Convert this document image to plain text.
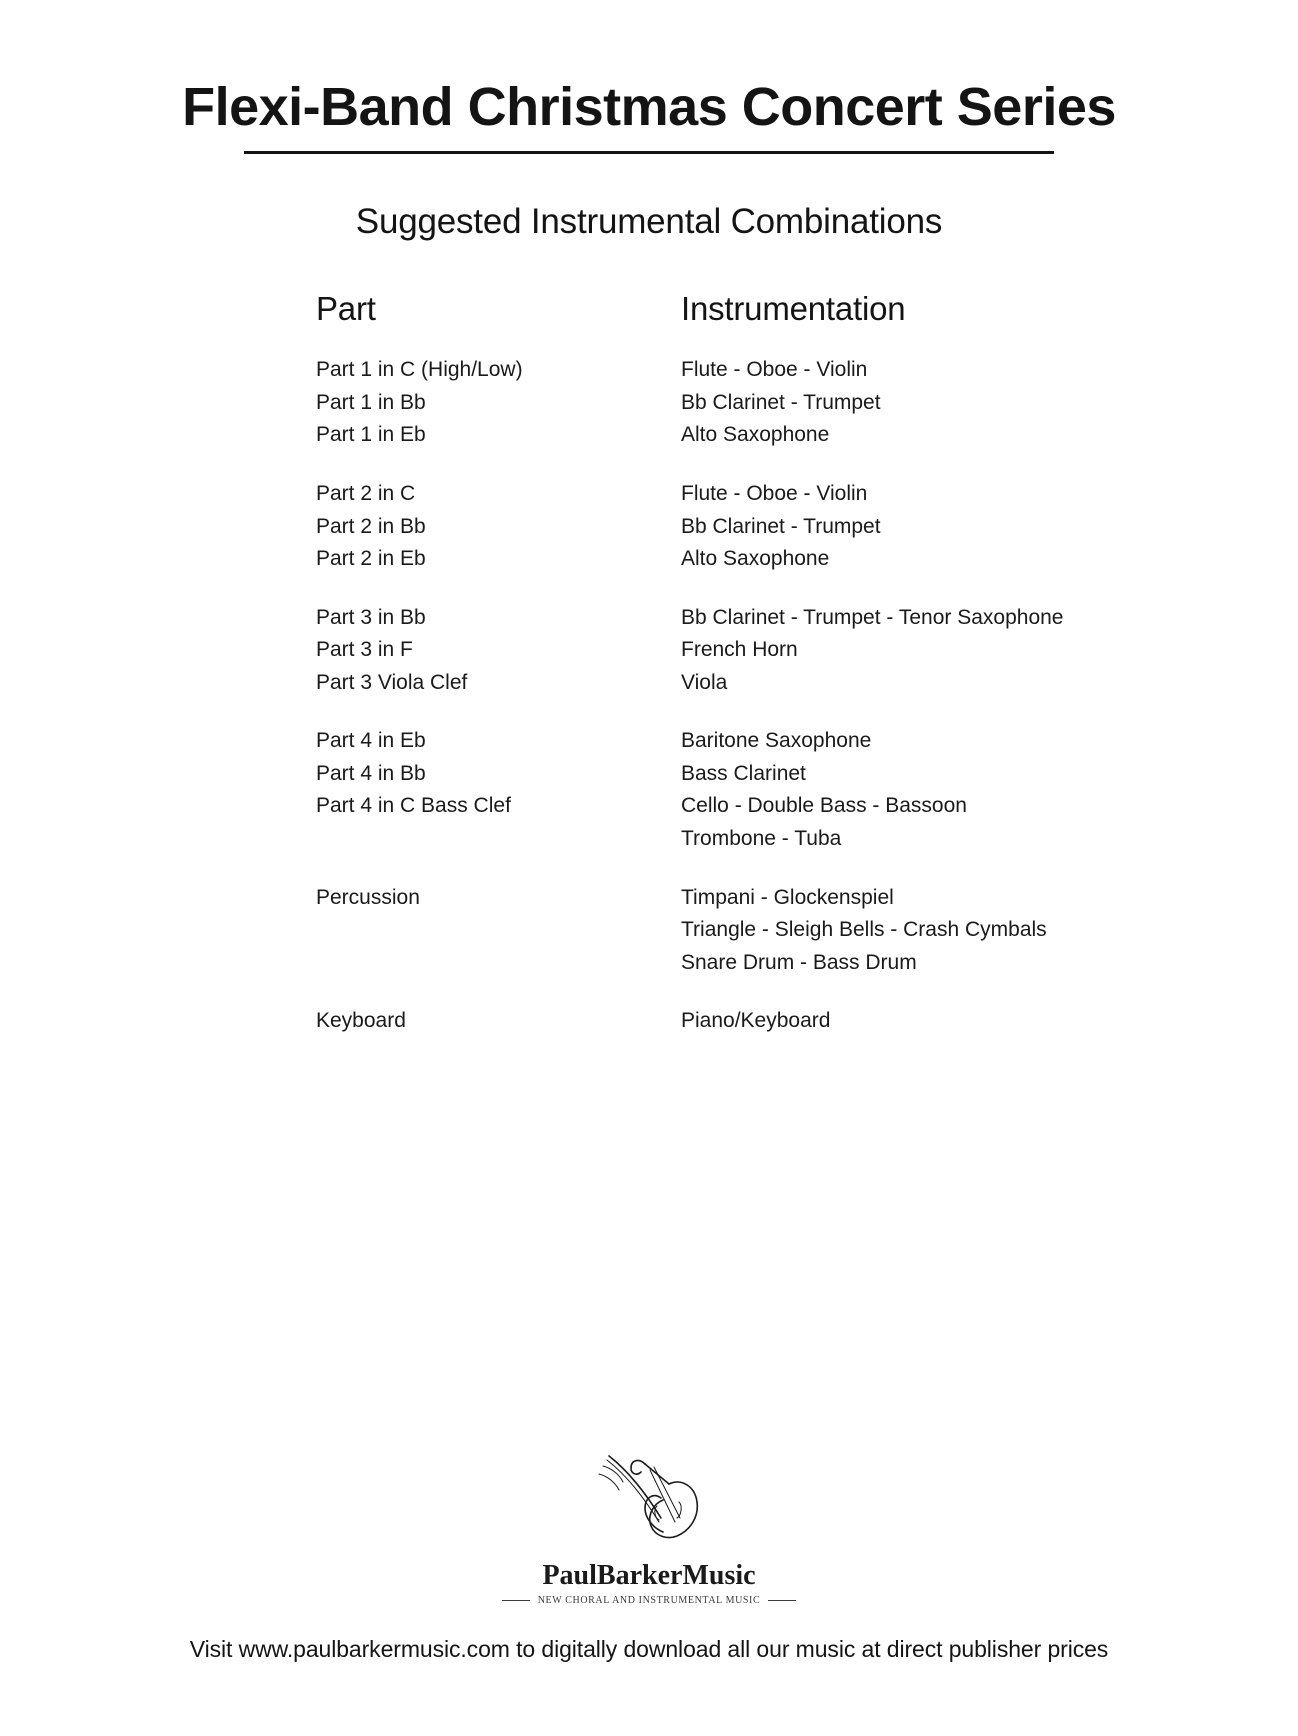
Flexi-Band Christmas Concert Series
Suggested Instrumental Combinations
Part	Instrumentation
Part 1 in C (High/Low)	Flute - Oboe - Violin
Part 1 in Bb	Bb Clarinet - Trumpet
Part 1 in Eb	Alto Saxophone
Part 2 in C	Flute - Oboe - Violin
Part 2 in Bb	Bb Clarinet - Trumpet
Part 2 in Eb	Alto Saxophone
Part 3 in Bb	Bb Clarinet - Trumpet - Tenor Saxophone
Part 3 in F	French Horn
Part 3 Viola Clef	Viola
Part 4 in Eb	Baritone Saxophone
Part 4 in Bb	Bass Clarinet
Part 4 in C Bass Clef	Cello - Double Bass - Bassoon
Trombone - Tuba
Percussion	Timpani - Glockenspiel
Triangle - Sleigh Bells - Crash Cymbals
Snare Drum - Bass Drum
Keyboard	Piano/Keyboard
PaulBarkerMusic
NEW CHORAL AND INSTRUMENTAL MUSIC
Visit www.paulbarkermusic.com to digitally download all our music at direct publisher prices
